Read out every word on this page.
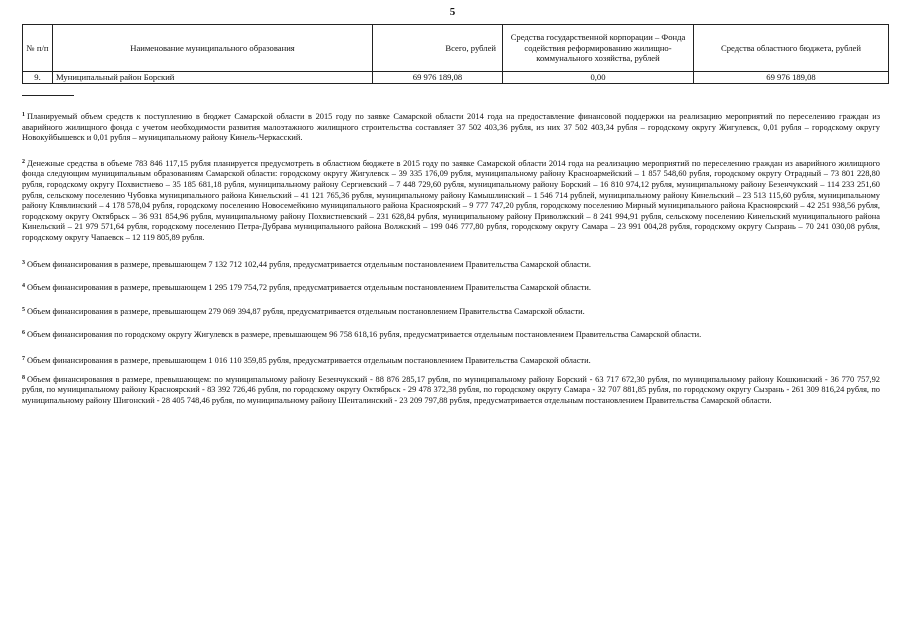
5
№ п/п	Наименование муниципального образования	Всего, рублей	Средства государственной корпорации – Фонда содействия реформированию жилищно-коммунального хозяйства, рублей	Средства областного бюджета, рублей
9.	Муниципальный район Борский	69 976 189,08	0,00	69 976 189,08

$^1$ Планируемый объем средств к поступлению в бюджет Самарской области в 2015 году по заявке Самарской области 2014 года на предоставление финансовой поддержки на реализацию мероприятий по переселению граждан из аварийного жилищного фонда с учетом необходимости развития малоэтажного жилищного строительства составляет 37 502 403,36 рубля, из них 37 502 403,34 рубля – городскому округу Жигулевск, 0,01 рубля – городскому округу Новокуйбышевск и 0,01 рубля – муниципальному району Кинель-Черкасский.

$^2$ Денежные средства в объеме 783 846 117,15 рубля планируется предусмотреть в областном бюджете в 2015 году по заявке Самарской области 2014 года на реализацию мероприятий по переселению граждан из аварийного жилищного фонда следующим муниципальным образованиям Самарской области: городскому округу Жигулевск – 39 335 176,09 рубля, муниципальному району Красноармейский – 1 857 548,60 рубля, городскому округу Отрадный – 73 801 228,80 рубля, городскому округу Похвистнево – 35 185 681,18 рубля, муниципальному району Сергиевский – 7 448 729,60 рубля, муниципальному району Борский – 16 810 974,12 рубля, муниципальному району Безенчукский – 114 233 251,60 рубля, сельскому поселению Чубовка муниципального района Кинельский – 41 121 765,36 рубля, муниципальному району Камышлинский – 1 546 714 рублей, муниципальному району Кинельский – 23 513 115,60 рубля, муниципальному району Клявлинский – 4 178 578,04 рубля, городскому поселению Новосемейкино муниципального района Красноярский – 9 777 747,20 рубля, городскому поселению Мирный муниципального района Красноярский – 42 251 938,56 рубля, городскому округу Октябрьск – 36 931 854,96 рубля, муниципальному району Похвистневский – 231 628,84 рубля, муниципальному району Приволжский – 8 241 994,91 рубля, сельскому поселению Кинельский муниципального района Кинельский – 21 979 571,64 рубля, городскому поселению Петра-Дубрава муниципального района Волжский – 199 046 777,80 рубля, городскому округу Самара – 23 991 004,28 рубля, городскому округу Сызрань – 70 241 030,08 рубля, городскому округу Чапаевск – 12 119 805,89 рубля.

$^3$ Объем финансирования в размере, превышающем 7 132 712 102,44 рубля, предусматривается отдельным постановлением Правительства Самарской области.

$^4$ Объем финансирования в размере, превышающем 1 295 179 754,72 рубля, предусматривается отдельным постановлением Правительства Самарской области.

$^5$ Объем финансирования в размере, превышающем 279 069 394,87 рубля, предусматривается отдельным постановлением Правительства Самарской области.

$^6$ Объем финансирования по городскому округу Жигулевск в размере, превышающем 96 758 618,16 рубля, предусматривается отдельным постановлением Правительства Самарской области.

$^7$ Объем финансирования в размере, превышающем 1 016 110 359,85 рубля, предусматривается отдельным постановлением Правительства Самарской области.

$^8$ Объем финансирования в размере, превышающем: по муниципальному району Безенчукский - 88 876 285,17 рубля, по муниципальному району Борский - 63 717 672,30 рубля, по муниципальному району Кошкинский - 36 770 757,92 рубля, по муниципальному району Красноярский - 83 392 726,46 рубля, по городскому округу Октябрьск - 29 478 372,38 рубля, по городскому округу Самара - 32 707 881,85 рубля, по городскому округу Сызрань - 261 309 816,24 рубля, по муниципальному району Шигонский - 28 405 748,46 рубля, по муниципальному району Шенталинский - 23 209 797,88 рубля, предусматривается отдельным постановлением Правительства Самарской области.
